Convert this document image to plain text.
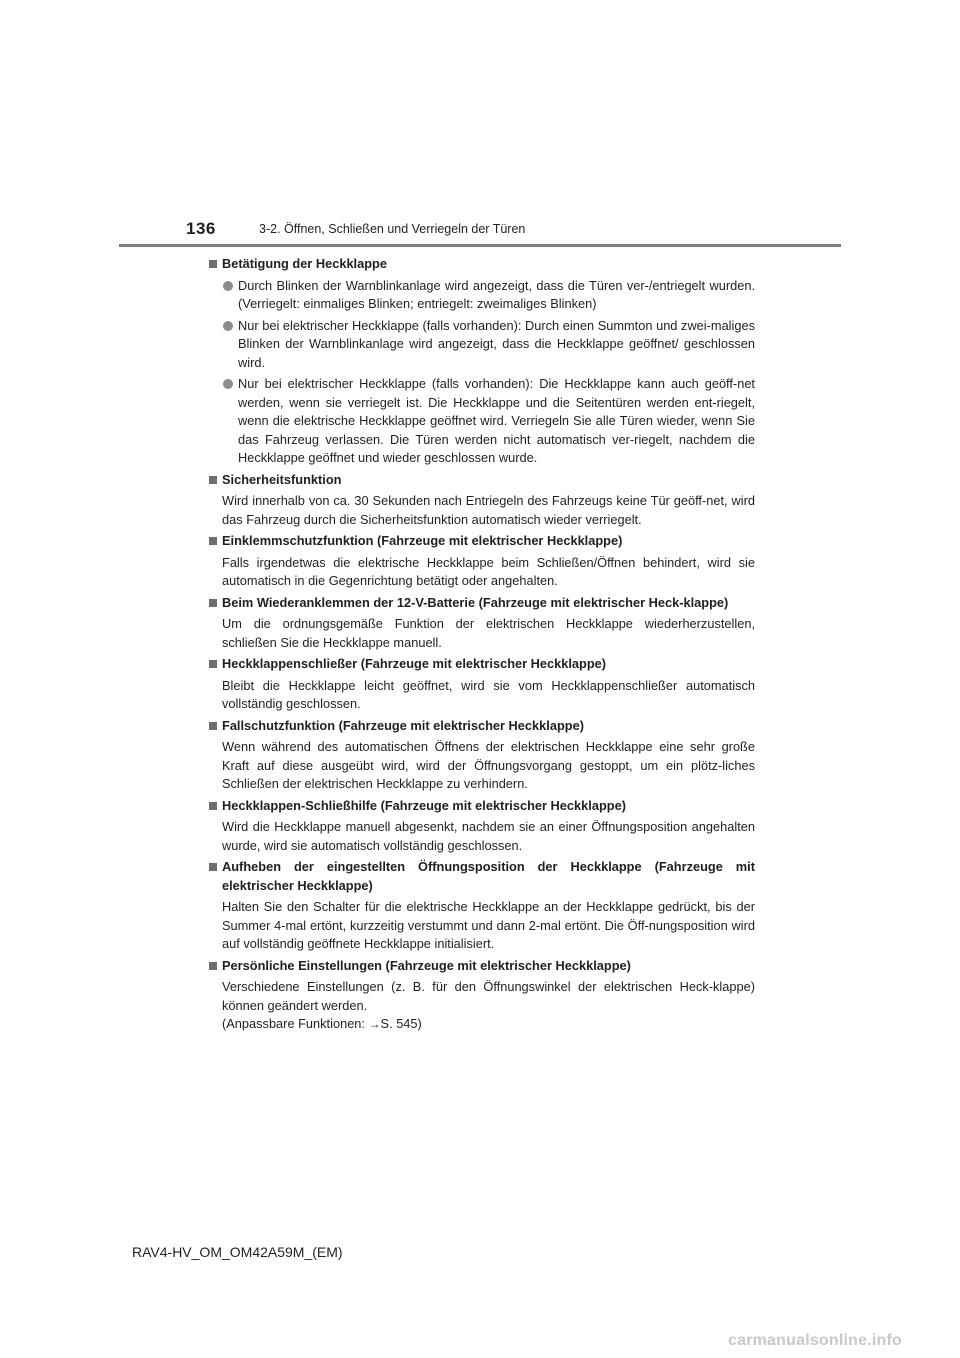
136	3-2. Öffnen, Schließen und Verriegeln der Türen
Betätigung der Heckklappe
Durch Blinken der Warnblinkanlage wird angezeigt, dass die Türen ver-/entriegelt wurden. (Verriegelt: einmaliges Blinken; entriegelt: zweimaliges Blinken)
Nur bei elektrischer Heckklappe (falls vorhanden): Durch einen Summton und zwei-maliges Blinken der Warnblinkanlage wird angezeigt, dass die Heckklappe geöffnet/ geschlossen wird.
Nur bei elektrischer Heckklappe (falls vorhanden): Die Heckklappe kann auch geöff-net werden, wenn sie verriegelt ist. Die Heckklappe und die Seitentüren werden ent-riegelt, wenn die elektrische Heckklappe geöffnet wird. Verriegeln Sie alle Türen wieder, wenn Sie das Fahrzeug verlassen. Die Türen werden nicht automatisch ver-riegelt, nachdem die Heckklappe geöffnet und wieder geschlossen wurde.
Sicherheitsfunktion
Wird innerhalb von ca. 30 Sekunden nach Entriegeln des Fahrzeugs keine Tür geöff-net, wird das Fahrzeug durch die Sicherheitsfunktion automatisch wieder verriegelt.
Einklemmschutzfunktion (Fahrzeuge mit elektrischer Heckklappe)
Falls irgendetwas die elektrische Heckklappe beim Schließen/Öffnen behindert, wird sie automatisch in die Gegenrichtung betätigt oder angehalten.
Beim Wiederanklemmen der 12-V-Batterie (Fahrzeuge mit elektrischer Heck-klappe)
Um die ordnungsgemäße Funktion der elektrischen Heckklappe wiederherzustellen, schließen Sie die Heckklappe manuell.
Heckklappenschließer (Fahrzeuge mit elektrischer Heckklappe)
Bleibt die Heckklappe leicht geöffnet, wird sie vom Heckklappenschließer automatisch vollständig geschlossen.
Fallschutzfunktion (Fahrzeuge mit elektrischer Heckklappe)
Wenn während des automatischen Öffnens der elektrischen Heckklappe eine sehr große Kraft auf diese ausgeübt wird, wird der Öffnungsvorgang gestoppt, um ein plötz-liches Schließen der elektrischen Heckklappe zu verhindern.
Heckklappen-Schließhilfe (Fahrzeuge mit elektrischer Heckklappe)
Wird die Heckklappe manuell abgesenkt, nachdem sie an einer Öffnungsposition angehalten wurde, wird sie automatisch vollständig geschlossen.
Aufheben der eingestellten Öffnungsposition der Heckklappe (Fahrzeuge mit elektrischer Heckklappe)
Halten Sie den Schalter für die elektrische Heckklappe an der Heckklappe gedrückt, bis der Summer 4-mal ertönt, kurzzeitig verstummt und dann 2-mal ertönt. Die Öff-nungsposition wird auf vollständig geöffnete Heckklappe initialisiert.
Persönliche Einstellungen (Fahrzeuge mit elektrischer Heckklappe)
Verschiedene Einstellungen (z. B. für den Öffnungswinkel der elektrischen Heck-klappe) können geändert werden.
(Anpassbare Funktionen: →S. 545)
RAV4-HV_OM_OM42A59M_(EM)
carmanualsonline.info
